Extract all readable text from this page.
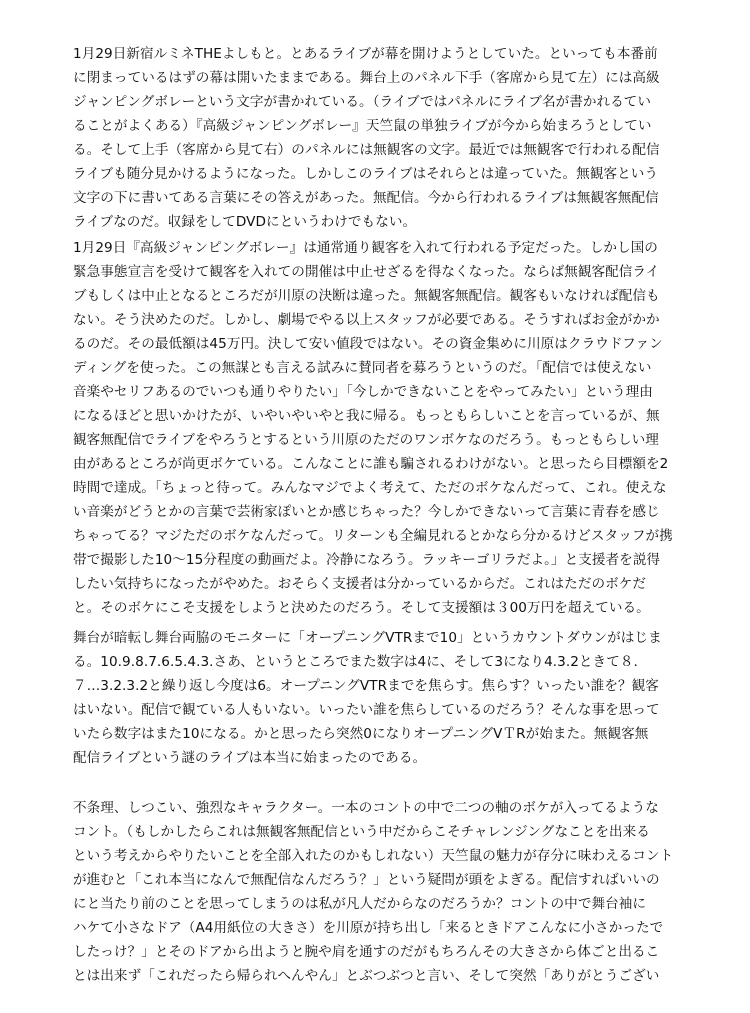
1月29日新宿ルミネTHEよしもと。とあるライブが幕を開けようとしていた。といっても本番前
に閉まっているはずの幕は開いたままである。舞台上のパネル下手（客席から見て左）には高級
ジャンピングボレーという文字が書かれている。（ライブではパネルにライブ名が書かれるてい
ることがよくある）『高級ジャンピングボレー』天竺鼠の単独ライブが今から始まろうとしてい
る。そして上手（客席から見て右）のパネルには無観客の文字。最近では無観客で行われる配信
ライブも随分見かけるようになった。しかしこのライブはそれらとは違っていた。無観客という
文字の下に書いてある言葉にその答えがあった。無配信。今から行われるライブは無観客無配信
ライブなのだ。収録をしてDVDにというわけでもない。
1月29日『高級ジャンピングボレー』は通常通り観客を入れて行われる予定だった。しかし国の
緊急事態宣言を受けて観客を入れての開催は中止せざるを得なくなった。ならば無観客配信ライ
ブもしくは中止となるところだが川原の決断は違った。無観客無配信。観客もいなければ配信も
ない。そう決めたのだ。しかし、劇場でやる以上スタッフが必要である。そうすればお金がかか
るのだ。その最低額は45万円。決して安い値段ではない。その資金集めに川原はクラウドファン
ディングを使った。この無謀とも言える試みに賛同者を募ろうというのだ。「配信では使えない
音楽やセリフあるのでいつも通りやりたい」「今しかできないことをやってみたい」という理由
になるほどと思いかけたが、いやいやいやと我に帰る。もっともらしいことを言っているが、無
観客無配信でライブをやろうとするという川原のただのワンボケなのだろう。もっともらしい理
由があるところが尚更ボケている。こんなことに誰も騙されるわけがない。と思ったら目標額を2
時間で達成。「ちょっと待って。みんなマジでよく考えて、ただのボケなんだって、これ。使えな
い音楽がどうとかの言葉で芸術家ぽいとか感じちゃった？今しかできないって言葉に青春を感じ
ちゃってる？マジただのボケなんだって。リターンも全編見れるとかなら分かるけどスタッフが携
帯で撮影した10〜15分程度の動画だよ。冷静になろう。ラッキーゴリラだよ。」と支援者を説得
したい気持ちになったがやめた。おそらく支援者は分かっているからだ。これはただのボケだ
と。そのボケにこそ支援をしようと決めたのだろう。そして支援額は３00万円を超えている。
舞台が暗転し舞台両脇のモニターに「オープニングVTRまで10」というカウントダウンがはじま
る。10.9.8.7.6.5.4.3.さあ、というところでまた数字は4に、そして3になり4.3.2ときて８.
７…3.2.3.2と繰り返し今度は6。オープニングVTRまでを焦らす。焦らす？いったい誰を？観客
はいない。配信で観ている人もいない。いったい誰を焦らしているのだろう？そんな事を思って
いたら数字はまた10になる。かと思ったら突然0になりオープニングVＴRが始また。無観客無
配信ライブという謎のライブは本当に始まったのである。
不条理、しつこい、強烈なキャラクター。一本のコントの中で二つの軸のボケが入ってるような
コント。（もしかしたらこれは無観客無配信という中だからこそチャレンジングなことを出来る
という考えからやりたいことを全部入れたのかもしれない）天竺鼠の魅力が存分に味わえるコント
が進むと「これ本当になんで無配信なんだろう？」という疑問が頭をよぎる。配信すればいいの
にと当たり前のことを思ってしまうのは私が凡人だからなのだろうか？コントの中で舞台袖に
ハケて小さなドア（A4用紙位の大きさ）を川原が持ち出し「来るときドアこんなに小さかったで
したっけ？」とそのドアから出ようと腕や肩を通すのだがもちろんその大きさから体ごと出るこ
とは出来ず「これだったら帰られへんやん」とぶつぶつと言い、そして突然「ありがとうござい
